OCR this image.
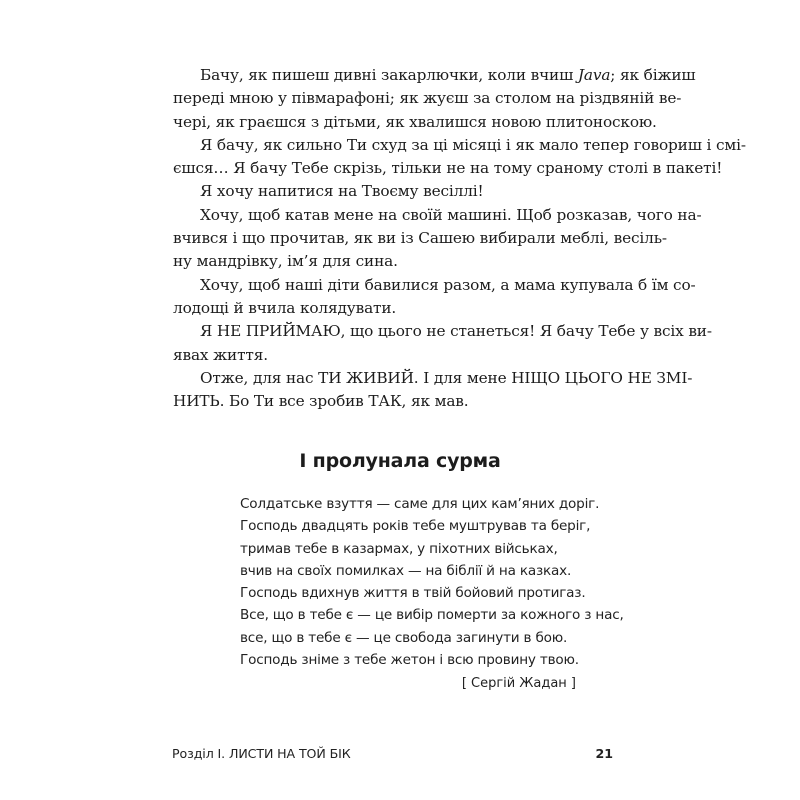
Бачу, як пишеш дивні закарлючки, коли вчиш Java; як біжиш
переді мною у півмарафоні; як жуєш за столом на різдвяній ве-
чері, як граєшся з дітьми, як хвалишся новою плитоноскою.

Я бачу, як сильно Ти схуд за ці місяці і як мало тепер говориш і смі-
єшся… Я бачу Тебе скрізь, тільки не на тому сраному столі в пакеті!

Я хочу напитися на Твоєму весіллі!

Хочу, щоб катав мене на своїй машині. Щоб розказав, чого на-
вчився і що прочитав, як ви із Сашею вибирали меблі, весіль-
ну мандрівку, ім’я для сина.

Хочу, щоб наші діти бавилися разом, а мама купувала б їм со-
лодощі й вчила колядувати.

Я НЕ ПРИЙМАЮ, що цього не станеться! Я бачу Тебе у всіх ви-
явах життя.

Отже, для нас ТИ ЖИВИЙ. І для мене НІЩО ЦЬОГО НЕ ЗМІ-
НИТЬ. Бо Ти все зробив ТАК, як мав.

І пролунала сурма
Солдатське взуття — саме для цих кам’яних доріг.
Господь двадцять років тебе муштрував та беріг,
тримав тебе в казармах, у піхотних військах,
вчив на своїх помилках — на біблії й на казках.
Господь вдихнув життя в твій бойовий протигаз.
Все, що в тебе є — це вибір померти за кожного з нас,
все, що в тебе є — це свобода загинути в бою.
Господь зніме з тебе жетон і всю провину твою.
[ Сергій Жадан ]
Розділ І. ЛИСТИ НА ТОЙ БІК	21
